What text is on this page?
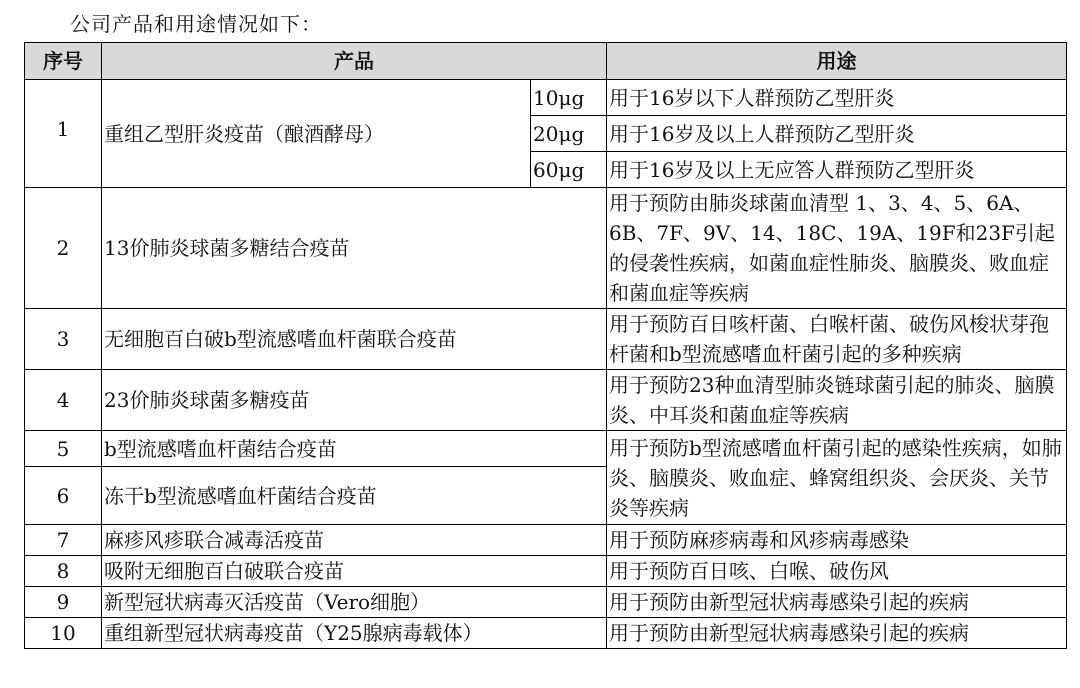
公司产品和用途情况如下：
序号	产品		用途
1	重组乙型肝炎疫苗（酿酒酵母）	10μg	用于16岁以下人群预防乙型肝炎
		20μg	用于16岁及以上人群预防乙型肝炎
		60μg	用于16岁及以上无应答人群预防乙型肝炎
2	13价肺炎球菌多糖结合疫苗		用于预防由肺炎球菌血清型 1、3、4、5、6A、6B、7F、9V、14、18C、19A、19F和23F引起的侵袭性疾病，如菌血症性肺炎、脑膜炎、败血症和菌血症等疾病
3	无细胞百白破b型流感嗜血杆菌联合疫苗		用于预防百日咳杆菌、白喉杆菌、破伤风梭状芽孢杆菌和b型流感嗜血杆菌引起的多种疾病
4	23价肺炎球菌多糖疫苗		用于预防23种血清型肺炎链球菌引起的肺炎、脑膜炎、中耳炎和菌血症等疾病
5	b型流感嗜血杆菌结合疫苗		用于预防b型流感嗜血杆菌引起的感染性疾病，如肺炎、脑膜炎、败血症、蜂窝组织炎、会厌炎、关节炎等疾病
6	冻干b型流感嗜血杆菌结合疫苗		
7	麻疹风疹联合减毒活疫苗		用于预防麻疹病毒和风疹病毒感染
8	吸附无细胞百白破联合疫苗		用于预防百日咳、白喉、破伤风
9	新型冠状病毒灭活疫苗（Vero细胞）		用于预防由新型冠状病毒感染引起的疾病
10	重组新型冠状病毒疫苗（Y25腺病毒载体）		用于预防由新型冠状病毒感染引起的疾病
